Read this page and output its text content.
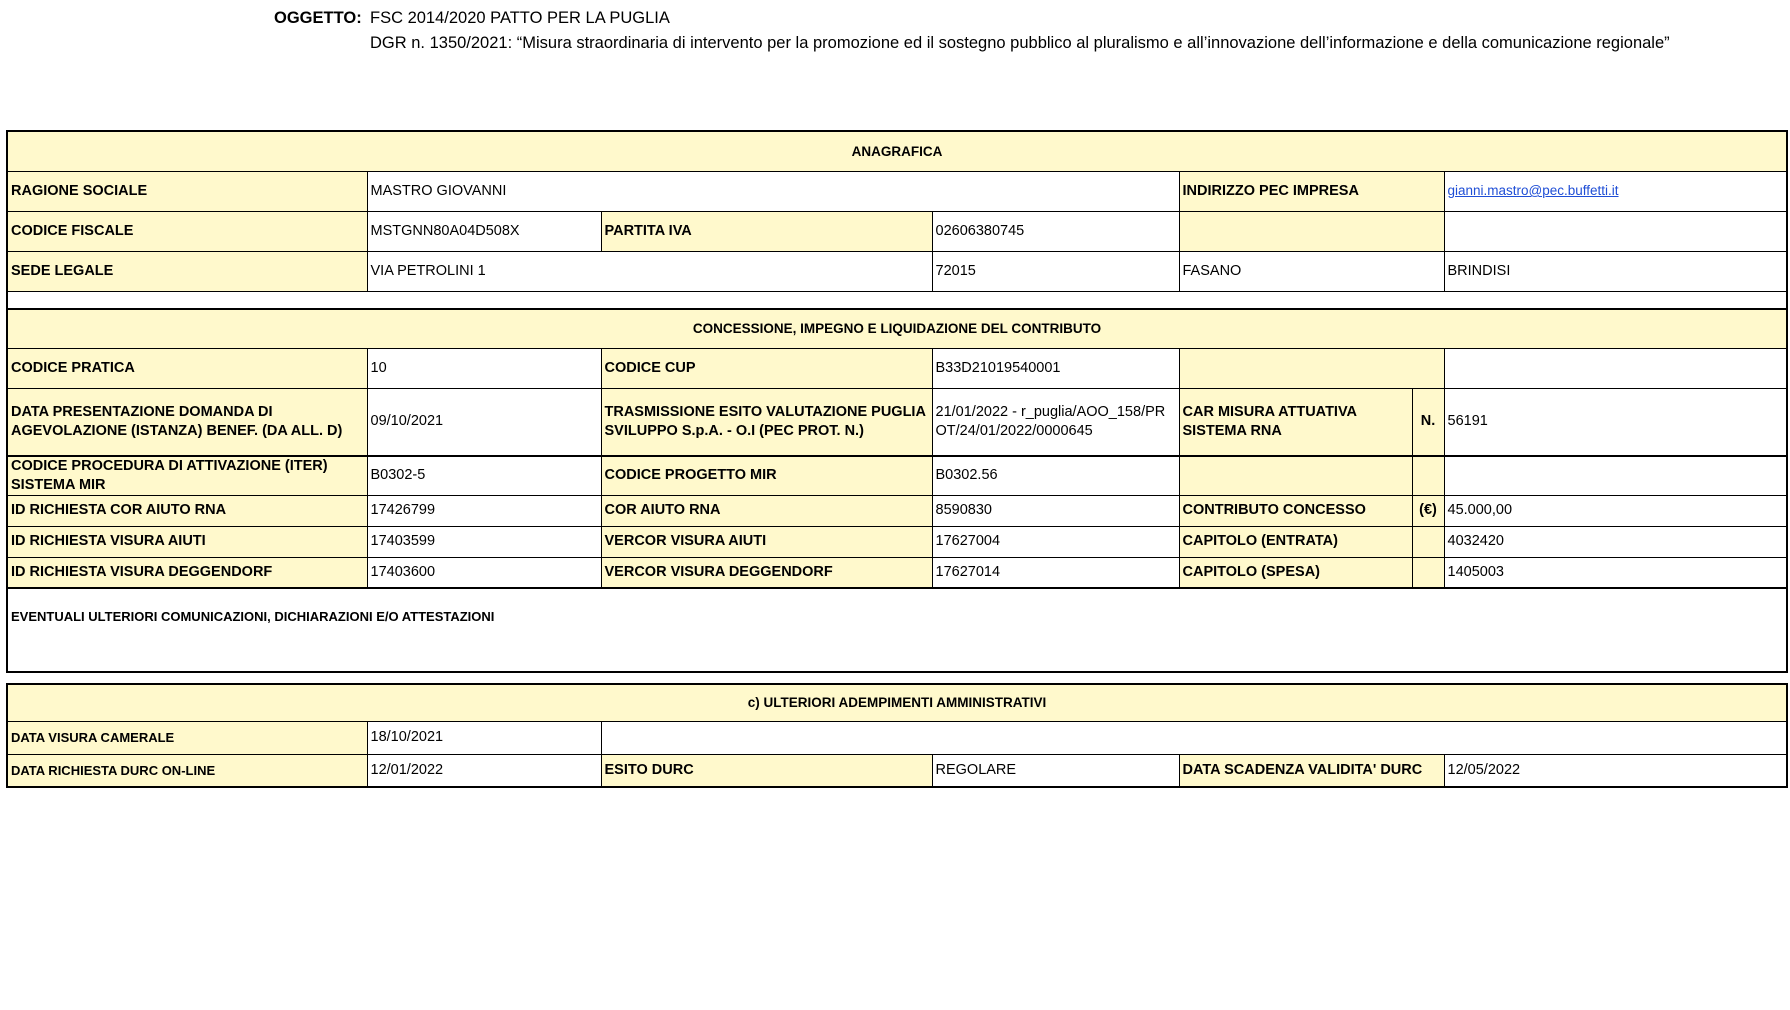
OGGETTO: FSC 2014/2020 PATTO PER LA PUGLIA
DGR n. 1350/2021: “Misura straordinaria di intervento per la promozione ed il sostegno pubblico al pluralismo e all’innovazione dell’informazione e della comunicazione regionale”
ANAGRAFICA						
RAGIONE SOCIALE	MASTRO GIOVANNI			INDIRIZZO PEC IMPRESA		gianni.mastro@pec.buffetti.it
CODICE FISCALE	MSTGNN80A04D508X	PARTITA IVA	02606380745			
SEDE LEGALE	VIA PETROLINI 1		72015	FASANO		BRINDISI

CONCESSIONE, IMPEGNO E LIQUIDAZIONE DEL CONTRIBUTO						
CODICE PRATICA	10	CODICE CUP	B33D21019540001			
DATA PRESENTAZIONE DOMANDA DI AGEVOLAZIONE (ISTANZA) BENEF. (DA ALL. D)	09/10/2021	TRASMISSIONE ESITO VALUTAZIONE PUGLIA SVILUPPO S.p.A. - O.I (PEC PROT. N.)	21/01/2022 - r_puglia/AOO_158/PROT/24/01/2022/0000645	CAR MISURA ATTUATIVA SISTEMA RNA	N.	56191
CODICE PROCEDURA DI ATTIVAZIONE (ITER) SISTEMA MIR	B0302-5	CODICE PROGETTO MIR	B0302.56			
ID RICHIESTA COR AIUTO RNA	17426799	COR AIUTO RNA	8590830	CONTRIBUTO CONCESSO	(€)	45.000,00
ID RICHIESTA VISURA AIUTI	17403599	VERCOR VISURA AIUTI	17627004	CAPITOLO (ENTRATA)		4032420
ID RICHIESTA VISURA DEGGENDORF	17403600	VERCOR VISURA DEGGENDORF	17627014	CAPITOLO (SPESA)		1405003
EVENTUALI ULTERIORI COMUNICAZIONI, DICHIARAZIONI E/O ATTESTAZIONI						
c) ULTERIORI ADEMPIMENTI AMMINISTRATIVI					
DATA VISURA CAMERALE	18/10/2021				
DATA RICHIESTA DURC ON-LINE	12/01/2022	ESITO DURC	REGOLARE	DATA SCADENZA VALIDITA' DURC	12/05/2022
